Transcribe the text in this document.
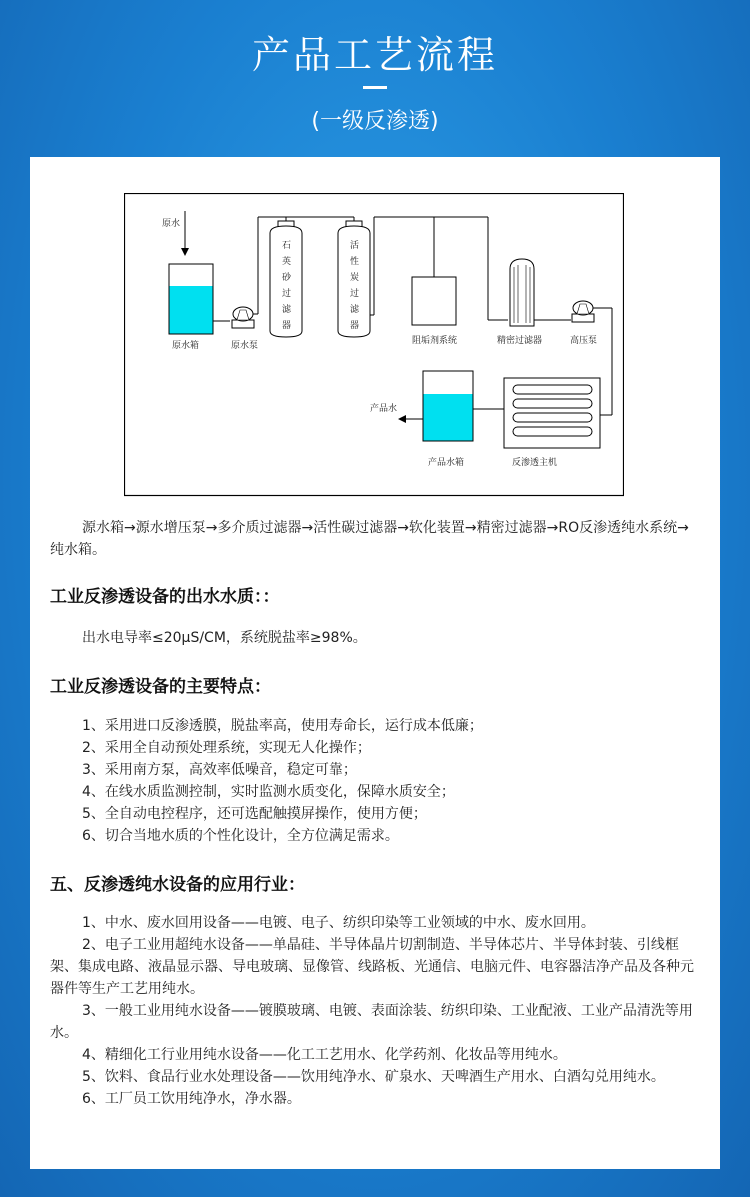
产品工艺流程
(一级反渗透)
原水
原水箱	原水泵
石
英
砂
过
滤
器
活
性
炭
过
滤
器
阻垢剂系统	精密过滤器	高压泵
反渗透主机
产品水箱
产品水

源水箱→源水增压泵→多介质过滤器→活性碳过滤器→软化装置→精密过滤器→RO反渗透纯水系统→纯水箱。

工业反渗透设备的出水水质：：

出水电导率≤20μS/CM，系统脱盐率≥98%。

工业反渗透设备的主要特点：

1、采用进口反渗透膜，脱盐率高，使用寿命长，运行成本低廉；

2、采用全自动预处理系统，实现无人化操作；

3、采用南方泵，高效率低噪音，稳定可靠；

4、在线水质监测控制，实时监测水质变化，保障水质安全；

5、全自动电控程序，还可选配触摸屏操作，使用方便；

6、切合当地水质的个性化设计，全方位满足需求。

五、反渗透纯水设备的应用行业：

1、中水、废水回用设备——电镀、电子、纺织印染等工业领域的中水、废水回用。

2、电子工业用超纯水设备——单晶硅、半导体晶片切割制造、半导体芯片、半导体封装、引线框架、集成电路、液晶显示器、导电玻璃、显像管、线路板、光通信、电脑元件、电容器洁净产品及各种元器件等生产工艺用纯水。

3、一般工业用纯水设备——镀膜玻璃、电镀、表面涂装、纺织印染、工业配液、工业产品清洗等用水。

4、精细化工行业用纯水设备——化工工艺用水、化学药剂、化妆品等用纯水。

5、饮料、食品行业水处理设备——饮用纯净水、矿泉水、天啤酒生产用水、白酒勾兑用纯水。

6、工厂员工饮用纯净水，净水器。
